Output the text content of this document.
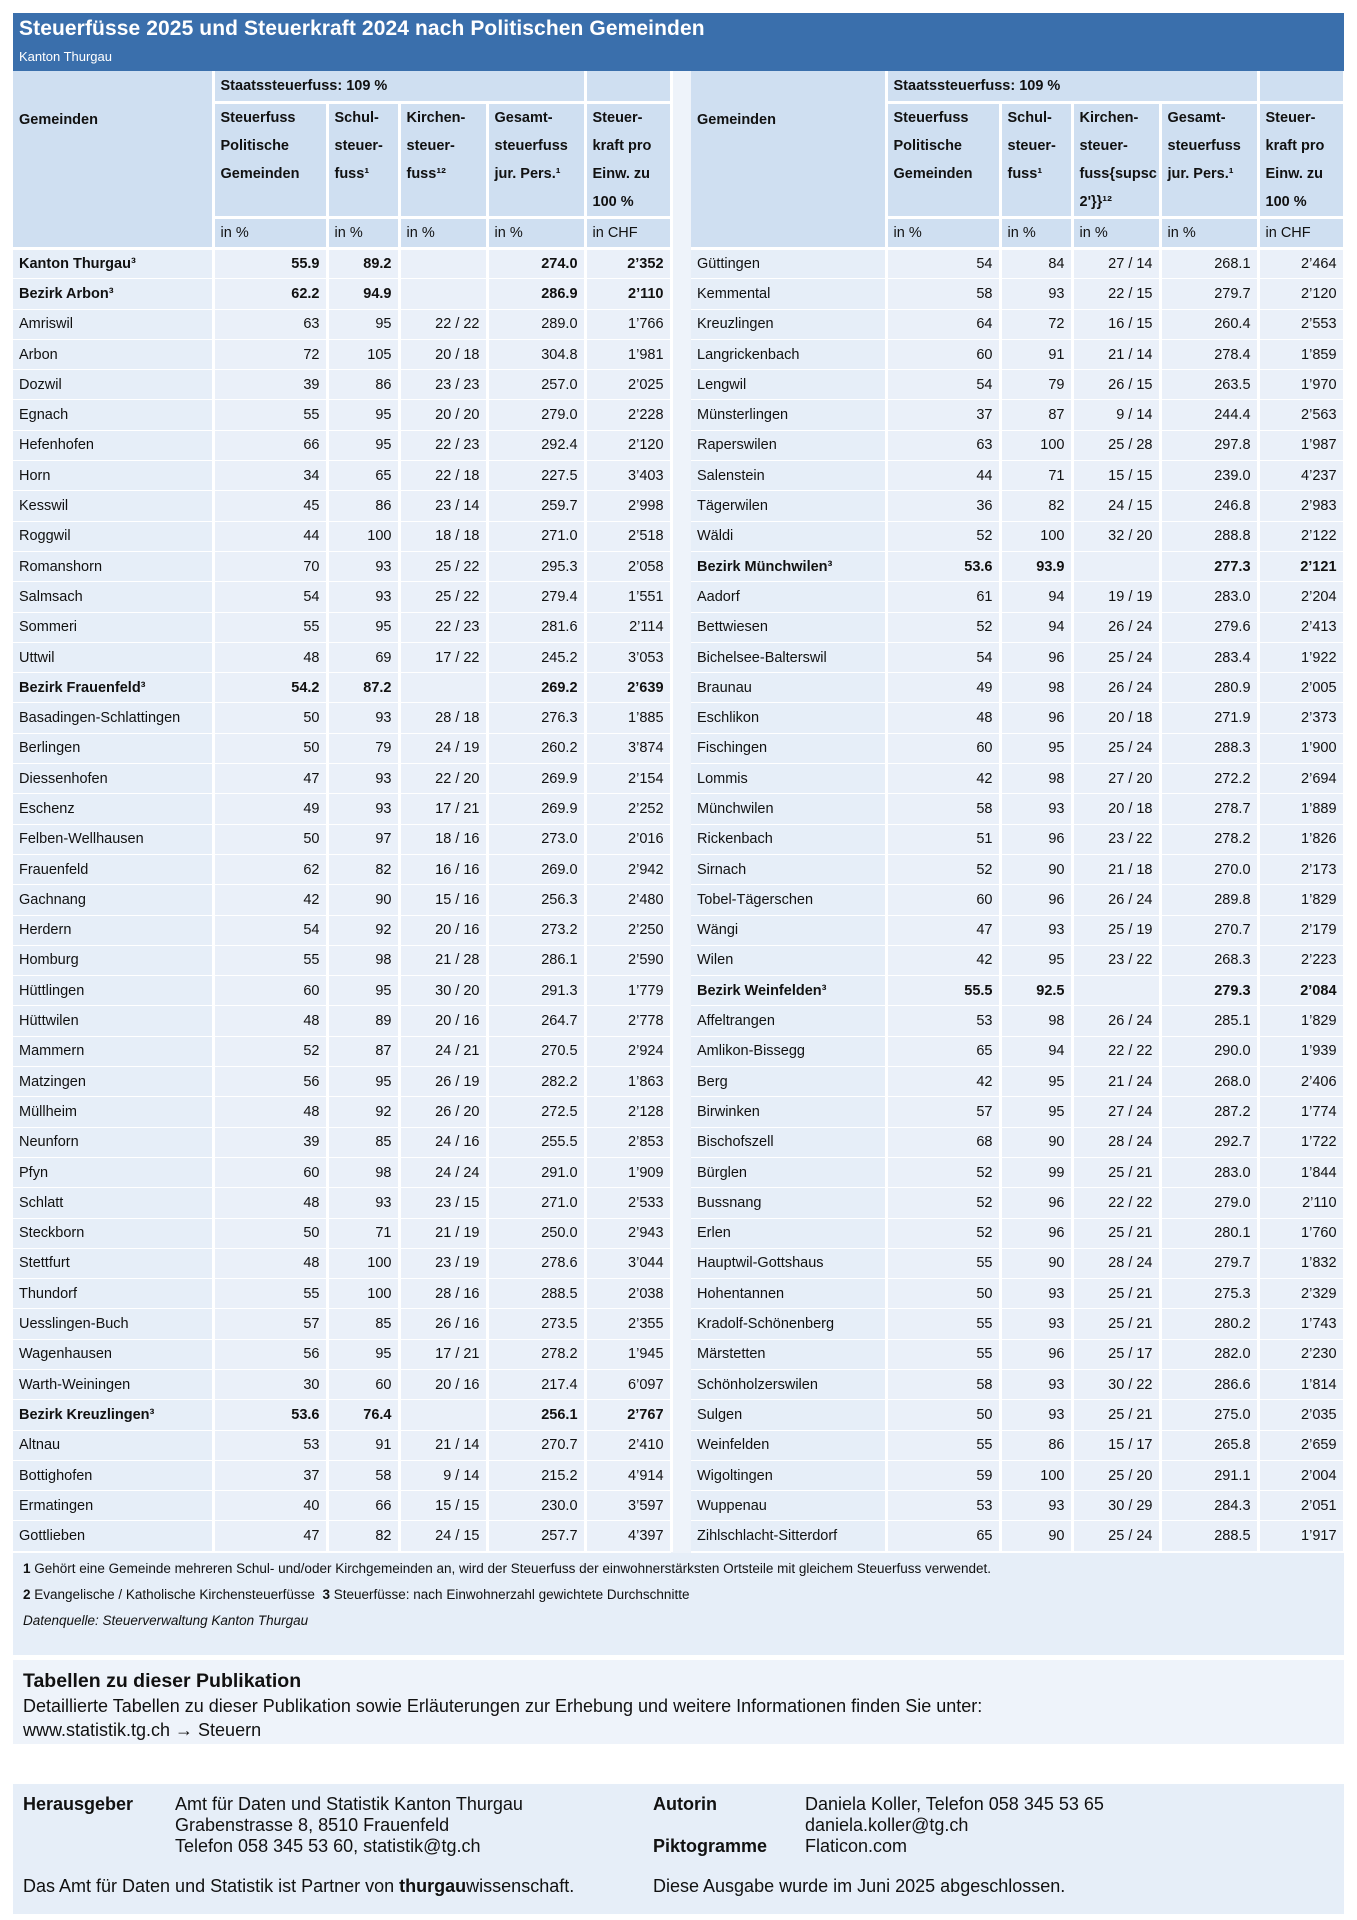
Steuerfüsse 2025 und Steuerkraft 2024 nach Politischen Gemeinden
Kanton Thurgau
Gemeinden	Staatssteuerfuss: 109 %				
	Steuerfuss Politische Gemeinden	Schul-steuer-fuss¹	Kirchen-steuer-fuss¹²	Gesamt-steuerfuss jur. Pers.¹	Steuer-kraft pro Einw. zu 100 %
	in %	in %	in %	in %	in CHF
Kanton Thurgau³	55.9	89.2		274.0	2’352
Bezirk Arbon³	62.2	94.9		286.9	2’110
Amriswil	63	95	22 / 22	289.0	1’766
Arbon	72	105	20 / 18	304.8	1’981
Dozwil	39	86	23 / 23	257.0	2’025
Egnach	55	95	20 / 20	279.0	2’228
Hefenhofen	66	95	22 / 23	292.4	2’120
Horn	34	65	22 / 18	227.5	3’403
Kesswil	45	86	23 / 14	259.7	2’998
Roggwil	44	100	18 / 18	271.0	2’518
Romanshorn	70	93	25 / 22	295.3	2’058
Salmsach	54	93	25 / 22	279.4	1’551
Sommeri	55	95	22 / 23	281.6	2’114
Uttwil	48	69	17 / 22	245.2	3’053
Bezirk Frauenfeld³	54.2	87.2		269.2	2’639
Basadingen-Schlattingen	50	93	28 / 18	276.3	1’885
Berlingen	50	79	24 / 19	260.2	3’874
Diessenhofen	47	93	22 / 20	269.9	2’154
Eschenz	49	93	17 / 21	269.9	2’252
Felben-Wellhausen	50	97	18 / 16	273.0	2’016
Frauenfeld	62	82	16 / 16	269.0	2’942
Gachnang	42	90	15 / 16	256.3	2’480
Herdern	54	92	20 / 16	273.2	2’250
Homburg	55	98	21 / 28	286.1	2’590
Hüttlingen	60	95	30 / 20	291.3	1’779
Hüttwilen	48	89	20 / 16	264.7	2’778
Mammern	52	87	24 / 21	270.5	2’924
Matzingen	56	95	26 / 19	282.2	1’863
Müllheim	48	92	26 / 20	272.5	2’128
Neunforn	39	85	24 / 16	255.5	2’853
Pfyn	60	98	24 / 24	291.0	1’909
Schlatt	48	93	23 / 15	271.0	2’533
Steckborn	50	71	21 / 19	250.0	2’943
Stettfurt	48	100	23 / 19	278.6	3’044
Thundorf	55	100	28 / 16	288.5	2’038
Uesslingen-Buch	57	85	26 / 16	273.5	2’355
Wagenhausen	56	95	17 / 21	278.2	1’945
Warth-Weiningen	30	60	20 / 16	217.4	6’097
Bezirk Kreuzlingen³	53.6	76.4		256.1	2’767
Altnau	53	91	21 / 14	270.7	2’410
Bottighofen	37	58	9 / 14	215.2	4’914
Ermatingen	40	66	15 / 15	230.0	3’597
Gottlieben	47	82	24 / 15	257.7	4’397
Gemeinden	Staatssteuerfuss: 109 %				
	Steuerfuss Politische Gemeinden	Schul-steuer-fuss¹	Kirchen-steuer-fuss{supsc 2'}}¹²	Gesamt-steuerfuss jur. Pers.¹	Steuer-kraft pro Einw. zu 100 %
	in %	in %	in %	in %	in CHF
Güttingen	54	84	27 / 14	268.1	2’464
Kemmental	58	93	22 / 15	279.7	2’120
Kreuzlingen	64	72	16 / 15	260.4	2’553
Langrickenbach	60	91	21 / 14	278.4	1’859
Lengwil	54	79	26 / 15	263.5	1’970
Münsterlingen	37	87	9 / 14	244.4	2’563
Raperswilen	63	100	25 / 28	297.8	1’987
Salenstein	44	71	15 / 15	239.0	4’237
Tägerwilen	36	82	24 / 15	246.8	2’983
Wäldi	52	100	32 / 20	288.8	2’122
Bezirk Münchwilen³	53.6	93.9		277.3	2’121
Aadorf	61	94	19 / 19	283.0	2’204
Bettwiesen	52	94	26 / 24	279.6	2’413
Bichelsee-Balterswil	54	96	25 / 24	283.4	1’922
Braunau	49	98	26 / 24	280.9	2’005
Eschlikon	48	96	20 / 18	271.9	2’373
Fischingen	60	95	25 / 24	288.3	1’900
Lommis	42	98	27 / 20	272.2	2’694
Münchwilen	58	93	20 / 18	278.7	1’889
Rickenbach	51	96	23 / 22	278.2	1’826
Sirnach	52	90	21 / 18	270.0	2’173
Tobel-Tägerschen	60	96	26 / 24	289.8	1’829
Wängi	47	93	25 / 19	270.7	2’179
Wilen	42	95	23 / 22	268.3	2’223
Bezirk Weinfelden³	55.5	92.5		279.3	2’084
Affeltrangen	53	98	26 / 24	285.1	1’829
Amlikon-Bissegg	65	94	22 / 22	290.0	1’939
Berg	42	95	21 / 24	268.0	2’406
Birwinken	57	95	27 / 24	287.2	1’774
Bischofszell	68	90	28 / 24	292.7	1’722
Bürglen	52	99	25 / 21	283.0	1’844
Bussnang	52	96	22 / 22	279.0	2’110
Erlen	52	96	25 / 21	280.1	1’760
Hauptwil-Gottshaus	55	90	28 / 24	279.7	1’832
Hohentannen	50	93	25 / 21	275.3	2’329
Kradolf-Schönenberg	55	93	25 / 21	280.2	1’743
Märstetten	55	96	25 / 17	282.0	2’230
Schönholzerswilen	58	93	30 / 22	286.6	1’814
Sulgen	50	93	25 / 21	275.0	2’035
Weinfelden	55	86	15 / 17	265.8	2’659
Wigoltingen	59	100	25 / 20	291.1	2’004
Wuppenau	53	93	30 / 29	284.3	2’051
Zihlschlacht-Sitterdorf	65	90	25 / 24	288.5	1’917
1 Gehört eine Gemeinde mehreren Schul- und/oder Kirchgemeinden an, wird der Steuerfuss der einwohnerstärksten Ortsteile mit gleichem Steuerfuss verwendet.
2 Evangelische / Katholische Kirchensteuerfüsse 3 Steuerfüsse: nach Einwohnerzahl gewichtete Durchschnitte
Datenquelle: Steuerverwaltung Kanton Thurgau
Tabellen zu dieser Publikation
Detaillierte Tabellen zu dieser Publikation sowie Erläuterungen zur Erhebung und weitere Informationen finden Sie unter:
www.statistik.tg.ch → Steuern
Herausgeber Amt für Daten und Statistik Kanton Thurgau
Grabenstrasse 8, 8510 Frauenfeld
Telefon 058 345 53 60, statistik@tg.ch
Autorin	Daniela Koller, Telefon 058 345 53 65
daniela.koller@tg.ch
Piktogramme Flaticon.com
Das Amt für Daten und Statistik ist Partner von thurgauwissenschaft.	Diese Ausgabe wurde im Juni 2025 abgeschlossen.
